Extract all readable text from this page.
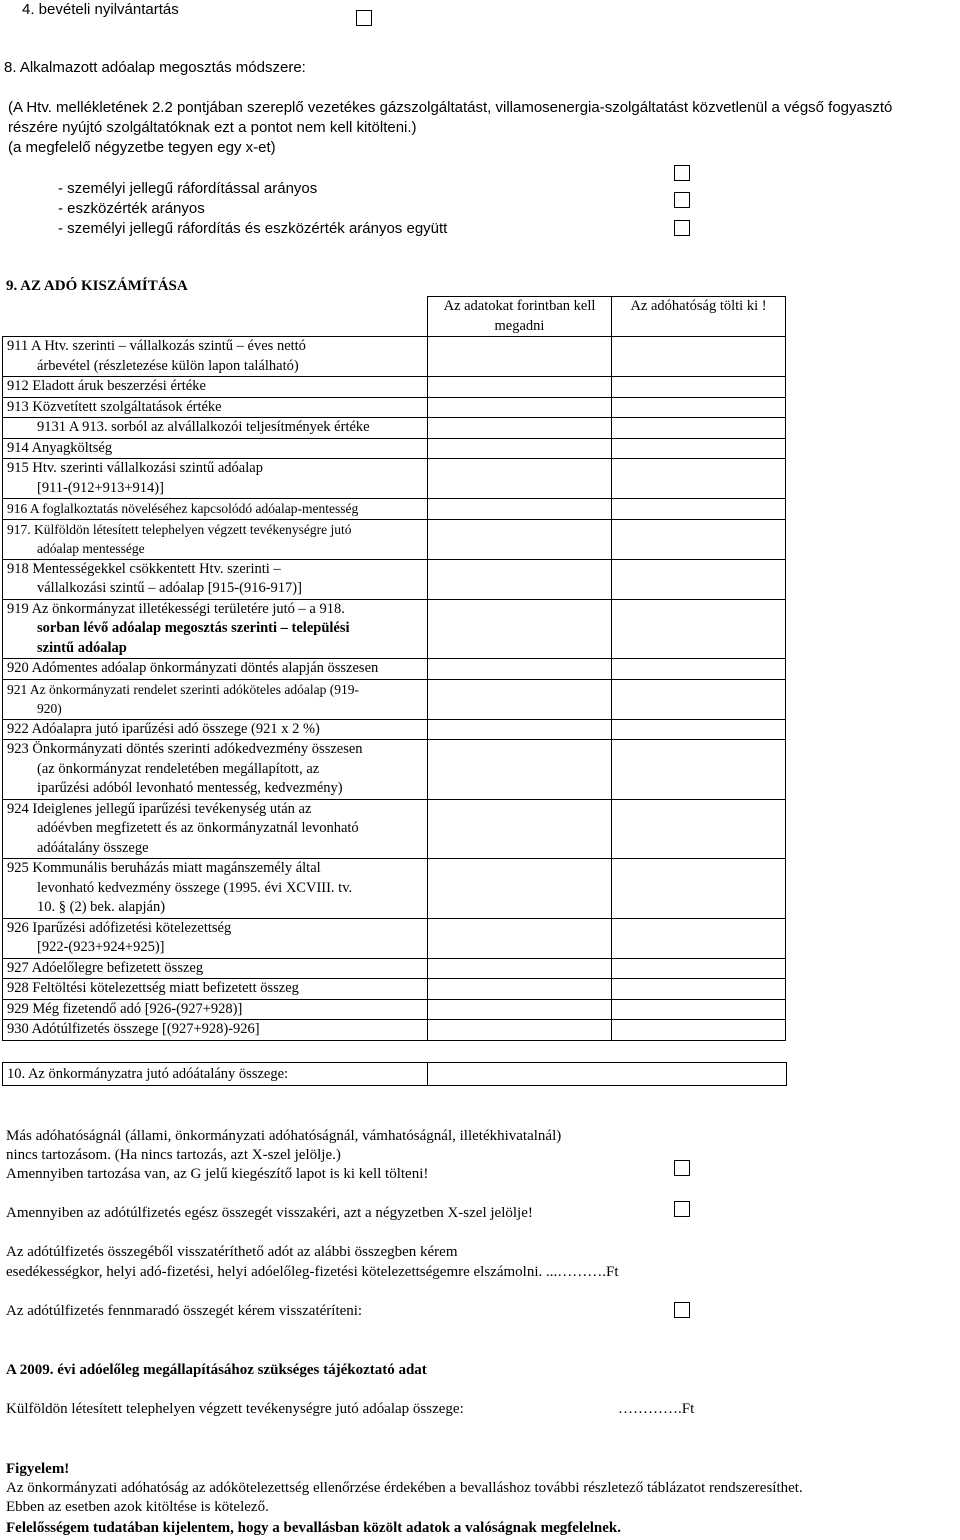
4. bevételi nyilvántartás
8. Alkalmazott adóalap megosztás módszere:
(A Htv. mellékletének 2.2 pontjában szereplő vezetékes gázszolgáltatást, villamosenergia-szolgáltatást közvetlenül a végső fogyasztó
részére nyújtó szolgáltatóknak ezt a pontot nem kell kitölteni.)
(a megfelelő négyzetbe tegyen egy x-et)
- személyi jellegű ráfordítással arányos
- eszközérték arányos
- személyi jellegű ráfordítás és eszközérték arányos együtt
9. AZ ADÓ KISZÁMÍTÁSA
	Az adatokat forintban kell megadni	Az adóhatóság tölti ki !

911 A Htv. szerinti – vállalkozás szintű – éves nettó
árbevétel (részletezése külön lapon található)		

912 Eladott áruk beszerzési értéke		
913 Közvetített szolgáltatások értéke		

9131 A 913. sorból az alvállalkozói teljesítmények értéke		

914 Anyagköltség		

915 Htv. szerinti vállalkozási szintű adóalap
[911-(912+913+914)]		

916 A foglalkoztatás növeléséhez kapcsolódó adóalap-mentesség		

917. Külföldön létesített telephelyen végzett tevékenységre jutó
adóalap mentessége		

918 Mentességekkel csökkentett Htv. szerinti –
vállalkozási szintű – adóalap [915-(916-917)]		

919 Az önkormányzat illetékességi területére jutó – a 918.
sorban lévő adóalap megosztás szerinti – települési
szintű adóalap		

920 Adómentes adóalap önkormányzati döntés alapján összesen		

921 Az önkormányzati rendelet szerinti adóköteles adóalap (919-
920)		

922 Adóalapra jutó iparűzési adó összege (921 x 2 %)		

923 Önkormányzati döntés szerinti adókedvezmény összesen
(az önkormányzat rendeletében megállapított, az
iparűzési adóból levonható mentesség, kedvezmény)		

924 Ideiglenes jellegű iparűzési tevékenység után az
adóévben megfizetett és az önkormányzatnál levonható
adóátalány összege		

925 Kommunális beruházás miatt magánszemély által
levonható kedvezmény összege (1995. évi XCVIII. tv.
10. § (2) bek. alapján)		

926 Iparűzési adófizetési kötelezettség
[922-(923+924+925)]		

927 Adóelőlegre befizetett összeg		
928 Feltöltési kötelezettség miatt befizetett összeg		
929 Még fizetendő adó [926-(927+928)]		
930 Adótúlfizetés összege [(927+928)-926]		
10. Az önkormányzatra jutó adóátalány összege:	
Más adóhatóságnál (állami, önkormányzati adóhatóságnál, vámhatóságnál, illetékhivatalnál)
nincs tartozásom. (Ha nincs tartozás, azt X-szel jelölje.)
Amennyiben tartozása van, az G jelű kiegészítő lapot is ki kell tölteni!
Amennyiben az adótúlfizetés egész összegét visszakéri, azt a négyzetben X-szel jelölje!
Az adótúlfizetés összegéből visszatéríthető adót az alábbi összegben kérem
esedékességkor, helyi adó-fizetési, helyi adóelőleg-fizetési kötelezettségemre elszámolni. ...……….Ft
Az adótúlfizetés fennmaradó összegét kérem visszatéríteni:
A 2009. évi adóelőleg megállapításához szükséges tájékoztató adat
Külföldön létesített telephelyen végzett tevékenységre jutó adóalap összege:	………….Ft
Figyelem!
Az önkormányzati adóhatóság az adókötelezettség ellenőrzése érdekében a bevalláshoz további részletező táblázatot rendszeresíthet.
Ebben az esetben azok kitöltése is kötelező.
Felelősségem tudatában kijelentem, hogy a bevallásban közölt adatok a valóságnak megfelelnek.
